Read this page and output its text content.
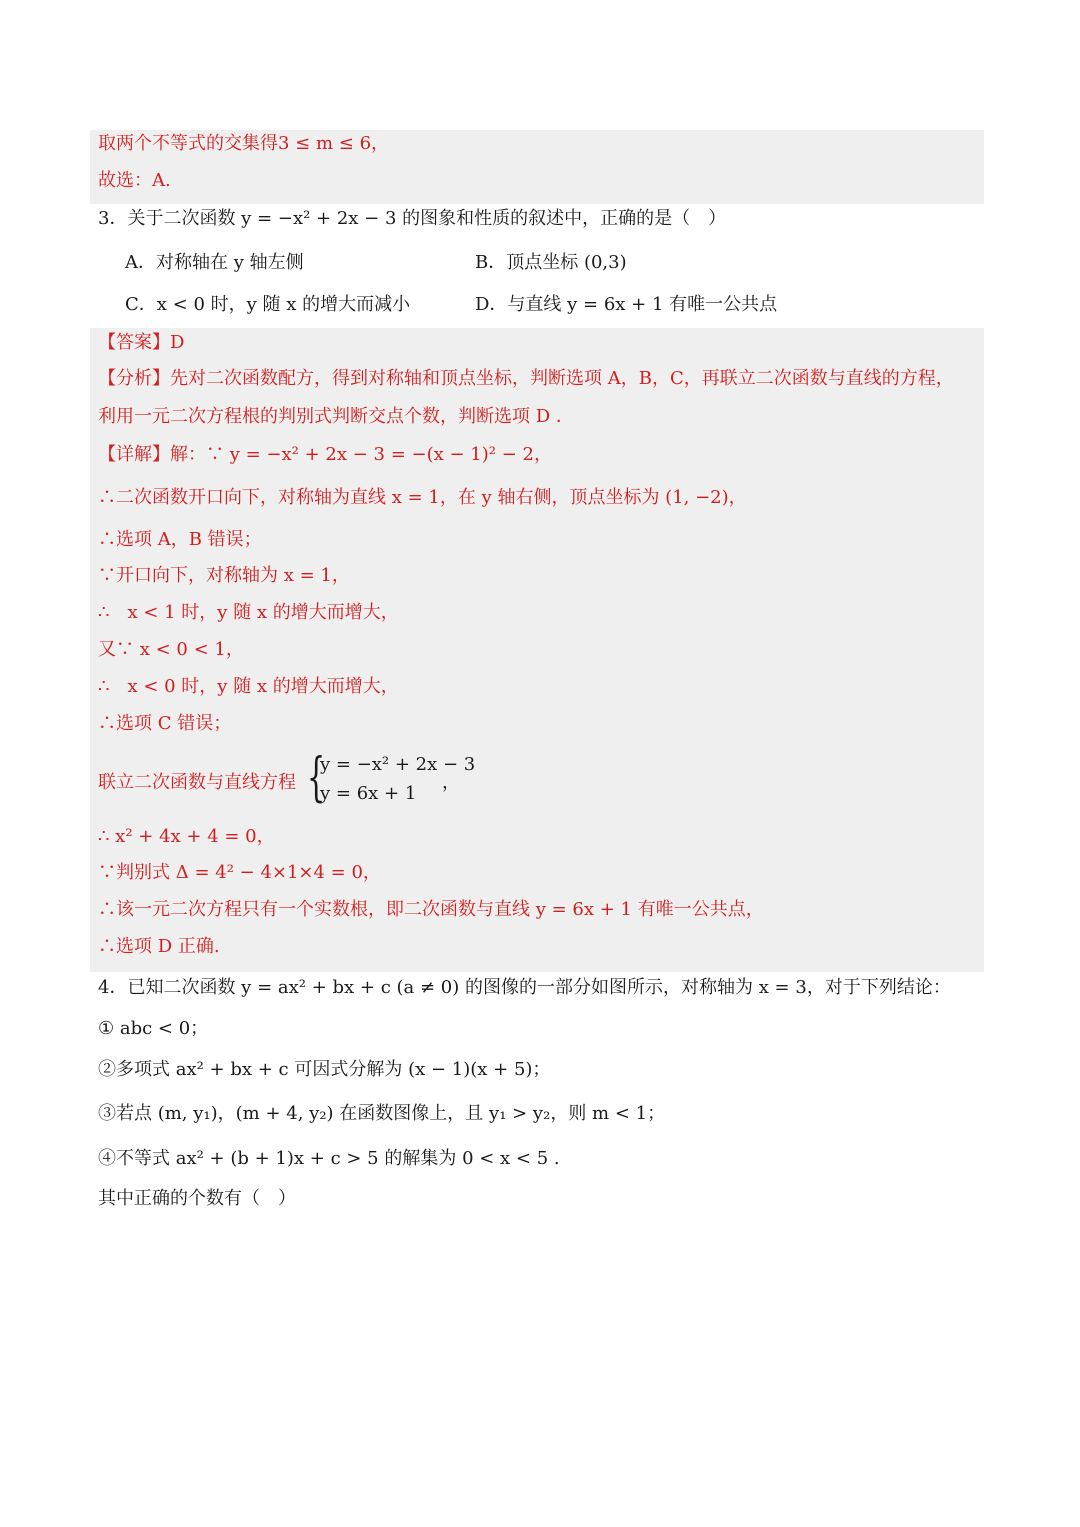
取两个不等式的交集得3 ≤ m ≤ 6，
故选：A.
3．关于二次函数 y = −x² + 2x − 3 的图象和性质的叙述中，正确的是（　）
A．对称轴在 y 轴左侧	B．顶点坐标 (0,3)
C．x < 0 时，y 随 x 的增大而减小	D．与直线 y = 6x + 1 有唯一公共点
【答案】D
【分析】先对二次函数配方，得到对称轴和顶点坐标，判断选项 A，B，C，再联立二次函数与直线的方程，
利用一元二次方程根的判别式判断交点个数，判断选项 D ．
【详解】解：∵ y = −x² + 2x − 3 = −(x − 1)² − 2，
∴二次函数开口向下，对称轴为直线 x = 1，在 y 轴右侧，顶点坐标为 (1, −2)，
∴选项 A，B 错误；
∵开口向下，对称轴为 x = 1，
∴　x < 1 时，y 随 x 的增大而增大，
又∵ x < 0 < 1，
∴　x < 0 时，y 随 x 的增大而增大，
∴选项 C 错误；
联立二次函数与直线方程 {
y = −x² + 2x − 3
y = 6x + 1
，
∴ x² + 4x + 4 = 0，
∵判别式 Δ = 4² − 4×1×4 = 0，
∴该一元二次方程只有一个实数根，即二次函数与直线 y = 6x + 1 有唯一公共点，
∴选项 D 正确.
4．已知二次函数 y = ax² + bx + c (a ≠ 0) 的图像的一部分如图所示，对称轴为 x = 3，对于下列结论：
① abc < 0；
②多项式 ax² + bx + c 可因式分解为 (x − 1)(x + 5)；
③若点 (m, y₁)，(m + 4, y₂) 在函数图像上，且 y₁ > y₂，则 m < 1；
④不等式 ax² + (b + 1)x + c > 5 的解集为 0 < x < 5 .
其中正确的个数有（　）
